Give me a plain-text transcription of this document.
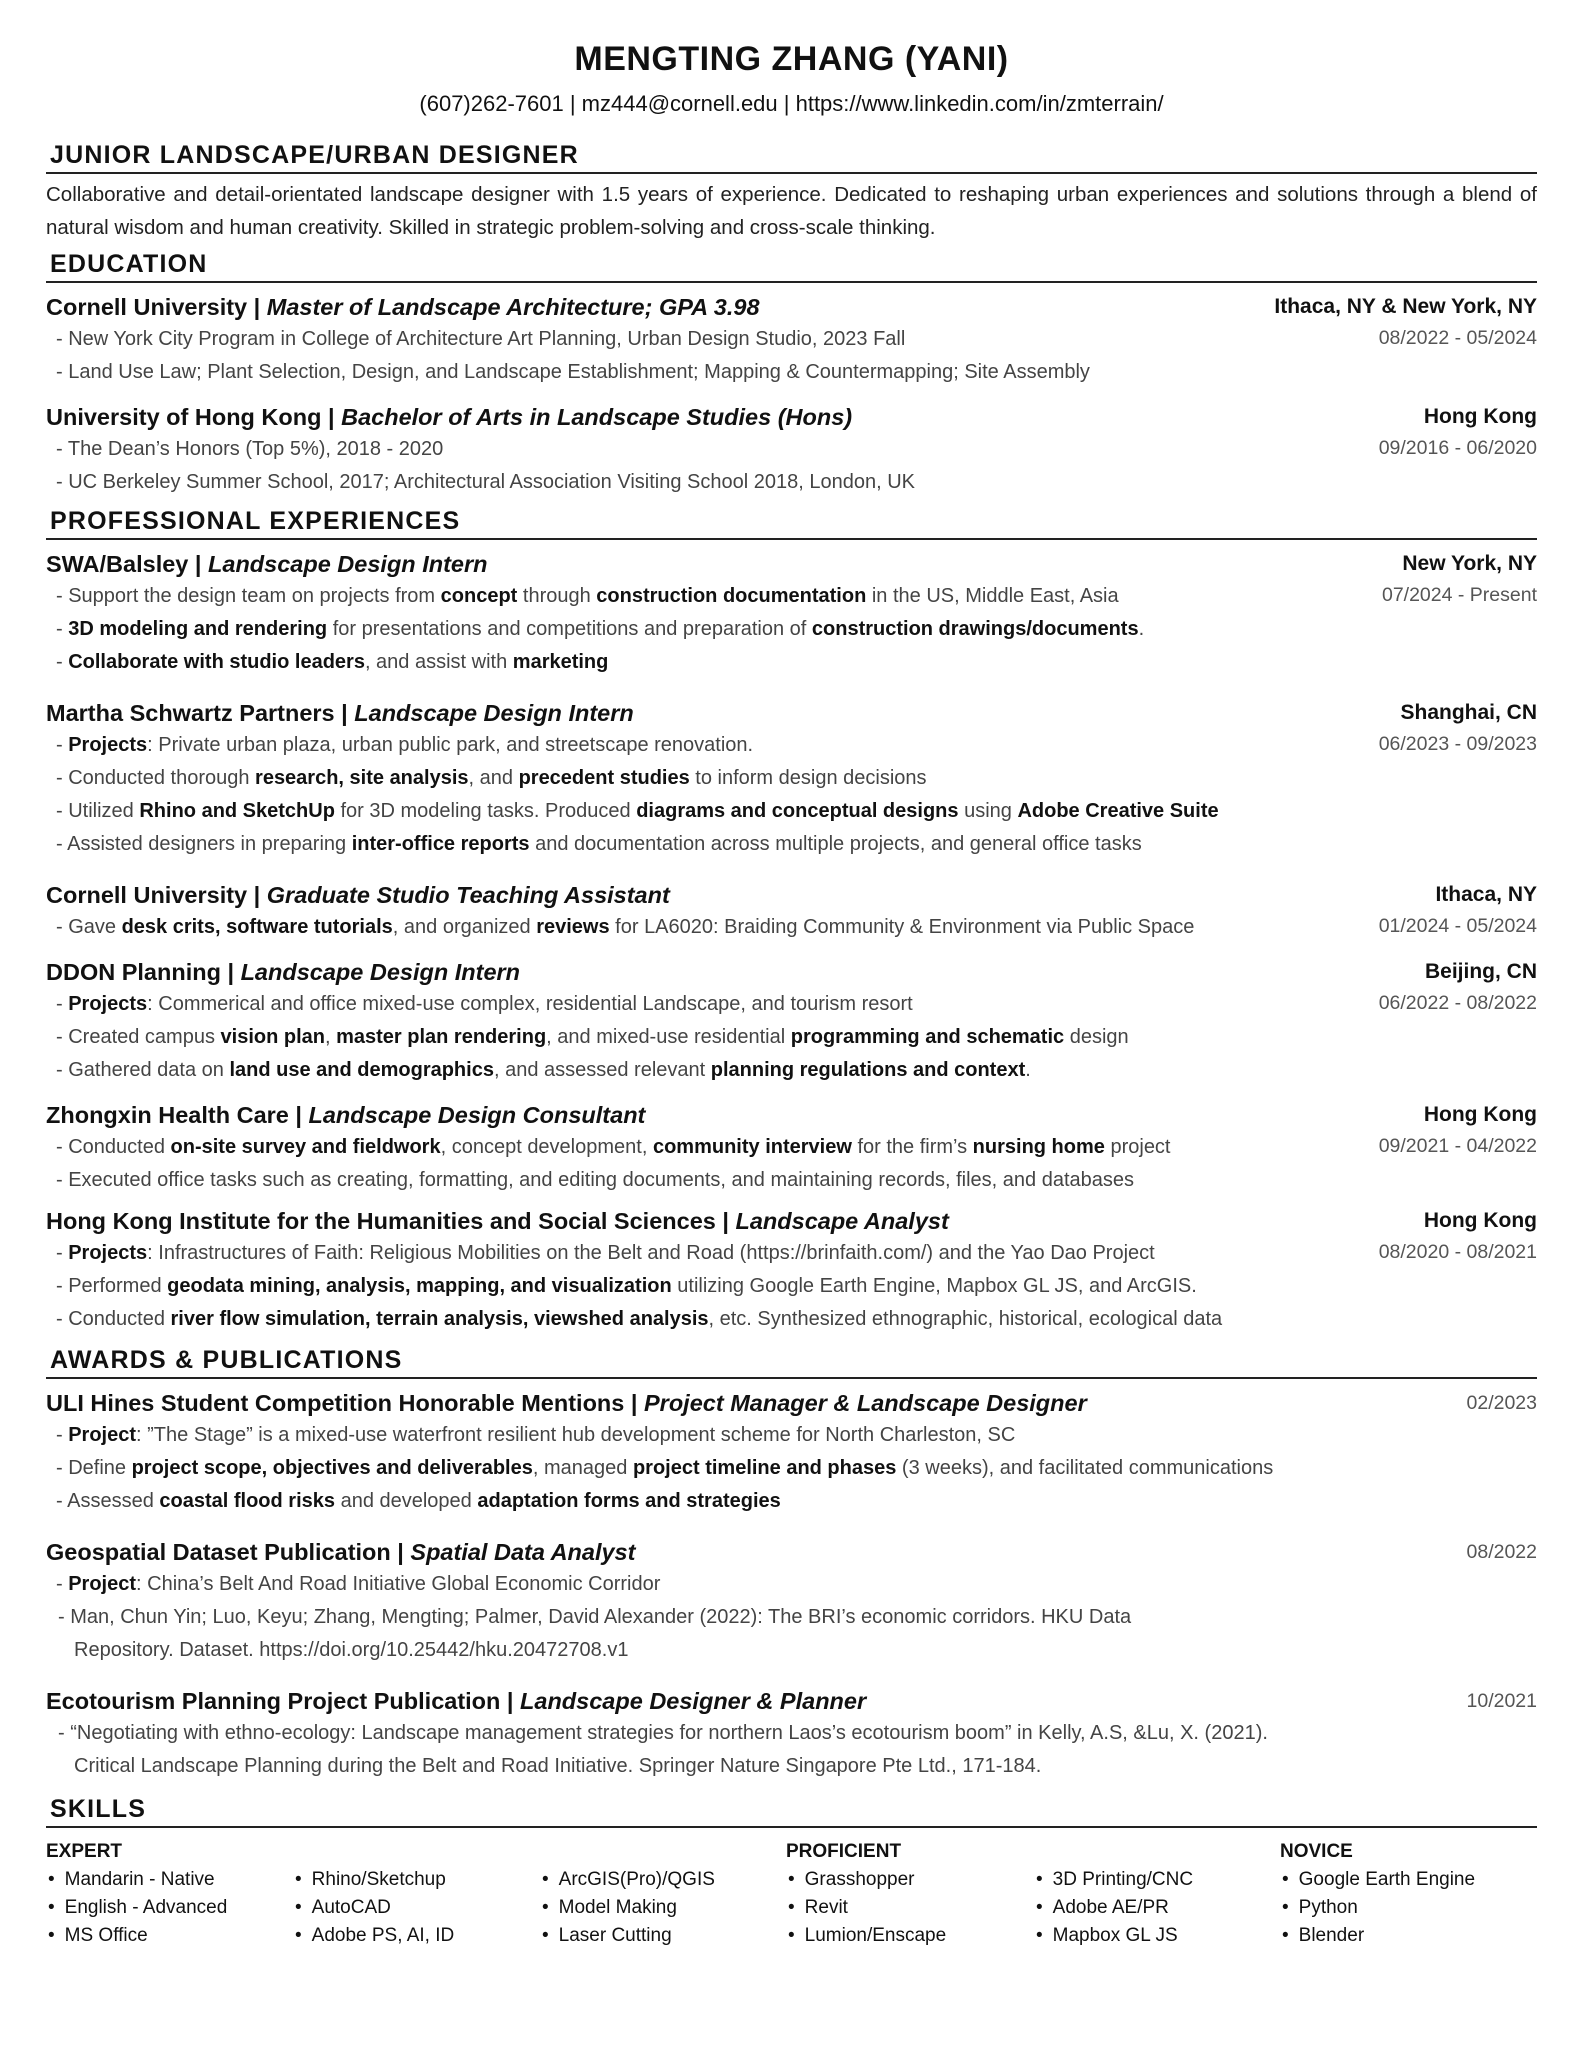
MENGTING ZHANG (YANI)
(607)262-7601 | mz444@cornell.edu | https://www.linkedin.com/in/zmterrain/
JUNIOR LANDSCAPE/URBAN DESIGNER
Collaborative and detail-orientated landscape designer with 1.5 years of experience. Dedicated to reshaping urban experiences and solutions through a blend of natural wisdom and human creativity. Skilled in strategic problem-solving and cross-scale thinking.
EDUCATION
Cornell University | Master of Landscape Architecture; GPA 3.98
- New York City Program in College of Architecture Art Planning, Urban Design Studio, 2023 Fall
- Land Use Law; Plant Selection, Design, and Landscape Establishment; Mapping & Countermapping; Site Assembly
Ithaca, NY & New York, NY
08/2022 - 05/2024
University of Hong Kong | Bachelor of Arts in Landscape Studies (Hons)
- The Dean’s Honors (Top 5%), 2018 - 2020
- UC Berkeley Summer School, 2017; Architectural Association Visiting School 2018, London, UK
Hong Kong
09/2016 - 06/2020
PROFESSIONAL EXPERIENCES
SWA/Balsley | Landscape Design Intern
- Support the design team on projects from concept through construction documentation in the US, Middle East, Asia
- 3D modeling and rendering for presentations and competitions and preparation of construction drawings/documents.
- Collaborate with studio leaders, and assist with marketing
New York, NY
07/2024 - Present
Martha Schwartz Partners | Landscape Design Intern
- Projects: Private urban plaza, urban public park, and streetscape renovation.
- Conducted thorough research, site analysis, and precedent studies to inform design decisions
- Utilized Rhino and SketchUp for 3D modeling tasks. Produced diagrams and conceptual designs using Adobe Creative Suite
- Assisted designers in preparing inter-office reports and documentation across multiple projects, and general office tasks
Shanghai, CN
06/2023 - 09/2023
Cornell University | Graduate Studio Teaching Assistant
- Gave desk crits, software tutorials, and organized reviews for LA6020: Braiding Community & Environment via Public Space
Ithaca, NY
01/2024 - 05/2024
DDON Planning | Landscape Design Intern
- Projects: Commerical and office mixed-use complex, residential Landscape, and tourism resort
- Created campus vision plan, master plan rendering, and mixed-use residential programming and schematic design
- Gathered data on land use and demographics, and assessed relevant planning regulations and context.
Beijing, CN
06/2022 - 08/2022
Zhongxin Health Care | Landscape Design Consultant
- Conducted on-site survey and fieldwork, concept development, community interview for the firm’s nursing home project
- Executed office tasks such as creating, formatting, and editing documents, and maintaining records, files, and databases
Hong Kong
09/2021 - 04/2022
Hong Kong Institute for the Humanities and Social Sciences | Landscape Analyst
- Projects: Infrastructures of Faith: Religious Mobilities on the Belt and Road (https://brinfaith.com/) and the Yao Dao Project
- Performed geodata mining, analysis, mapping, and visualization utilizing Google Earth Engine, Mapbox GL JS, and ArcGIS.
- Conducted river flow simulation, terrain analysis, viewshed analysis, etc. Synthesized ethnographic, historical, ecological data
Hong Kong
08/2020 - 08/2021
AWARDS & PUBLICATIONS
ULI Hines Student Competition Honorable Mentions | Project Manager & Landscape Designer
- Project: ”The Stage” is a mixed-use waterfront resilient hub development scheme for North Charleston, SC
- Define project scope, objectives and deliverables, managed project timeline and phases (3 weeks), and facilitated communications
- Assessed coastal flood risks and developed adaptation forms and strategies
02/2023
Geospatial Dataset Publication | Spatial Data Analyst
- Project: China’s Belt And Road Initiative Global Economic Corridor
- Man, Chun Yin; Luo, Keyu; Zhang, Mengting; Palmer, David Alexander (2022): The BRI’s economic corridors. HKU Data Repository. Dataset. https://doi.org/10.25442/hku.20472708.v1
08/2022
Ecotourism Planning Project Publication | Landscape Designer & Planner
- “Negotiating with ethno-ecology: Landscape management strategies for northern Laos’s ecotourism boom” in Kelly, A.S, &Lu, X. (2021). Critical Landscape Planning during the Belt and Road Initiative. Springer Nature Singapore Pte Ltd., 171-184.
10/2021
SKILLS
EXPERT
• Mandarin - Native
• English - Advanced
• MS Office
• Rhino/Sketchup
• AutoCAD
• Adobe PS, AI, ID
• ArcGIS(Pro)/QGIS
• Model Making
• Laser Cutting
PROFICIENT
• Grasshopper
• Revit
• Lumion/Enscape
• 3D Printing/CNC
• Adobe AE/PR
• Mapbox GL JS
NOVICE
• Google Earth Engine
• Python
• Blender
